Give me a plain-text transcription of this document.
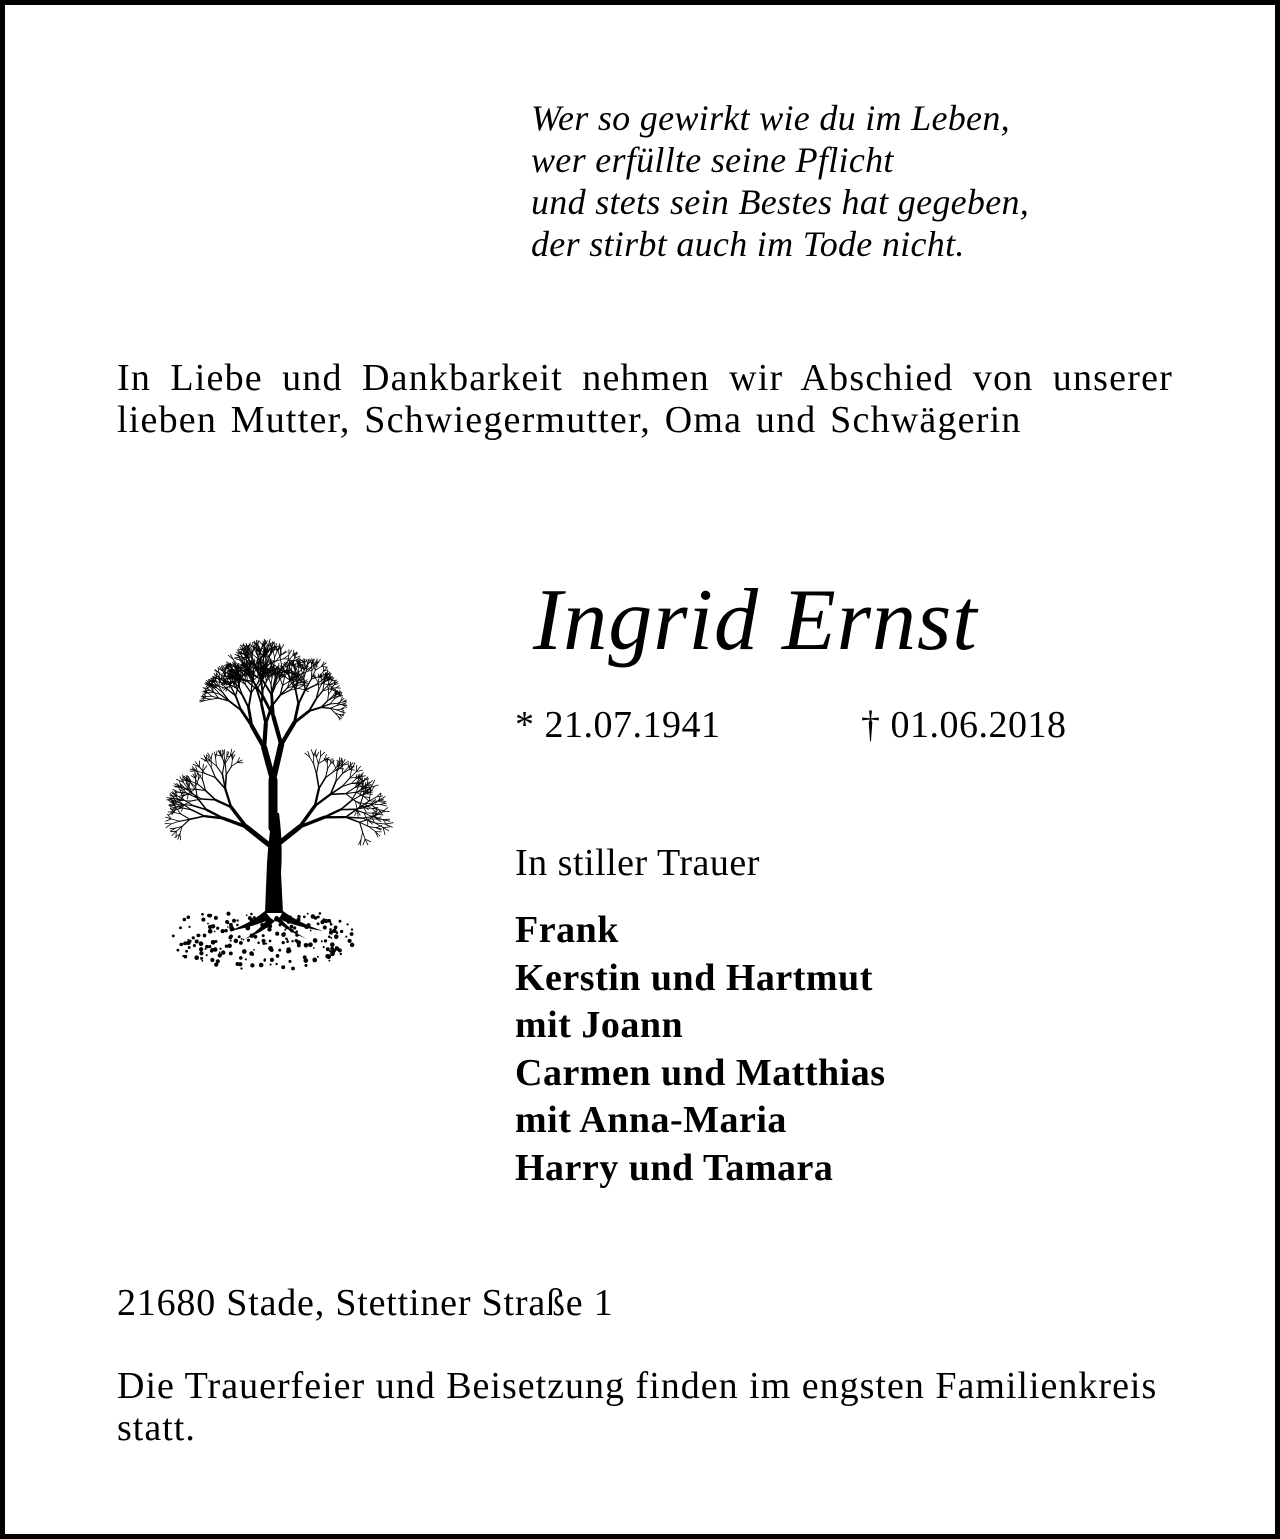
Wer so gewirkt wie du im Leben,
wer erfüllte seine Pflicht
und stets sein Bestes hat gegeben,
der stirbt auch im Tode nicht.
In Liebe und Dankbarkeit nehmen wir Abschied von unserer lieben Mutter, Schwiegermutter, Oma und Schwägerin
Ingrid Ernst
* 21.07.1941	† 01.06.2018
In stiller Trauer
Frank
Kerstin und Hartmut
mit Joann
Carmen und Matthias
mit Anna-Maria
Harry und Tamara
21680 Stade, Stettiner Straße 1
Die Trauerfeier und Beisetzung finden im engsten Familienkreis statt.
